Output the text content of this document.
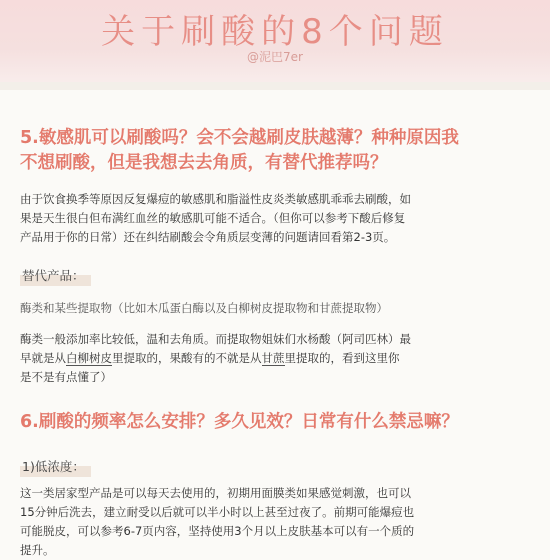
关于刷酸的8个问题
@泥巴7er
5.敏感肌可以刷酸吗？会不会越刷皮肤越薄？种种原因我
不想刷酸，但是我想去去角质，有替代推荐吗？
由于饮食换季等原因反复爆痘的敏感肌和脂溢性皮炎类敏感肌乖乖去刷酸，如
果是天生很白但布满红血丝的敏感肌可能不适合。（但你可以参考下酸后修复
产品用于你的日常）还在纠结刷酸会令角质层变薄的问题请回看第2-3页。
替代产品：
酶类和某些提取物（比如木瓜蛋白酶以及白柳树皮提取物和甘蔗提取物）
酶类一般添加率比较低，温和去角质。而提取物姐妹们水杨酸（阿司匹林）最
早就是从白柳树皮里提取的，果酸有的不就是从甘蔗里提取的，看到这里你
是不是有点懂了）
6.刷酸的频率怎么安排？多久见效？日常有什么禁忌嘛？
1)低浓度：
这一类居家型产品是可以每天去使用的，初期用面膜类如果感觉刺激，也可以
15分钟后洗去，建立耐受以后就可以半小时以上甚至过夜了。前期可能爆痘也
可能脱皮，可以参考6-7页内容，坚持使用3个月以上皮肤基本可以有一个质的
提升。
